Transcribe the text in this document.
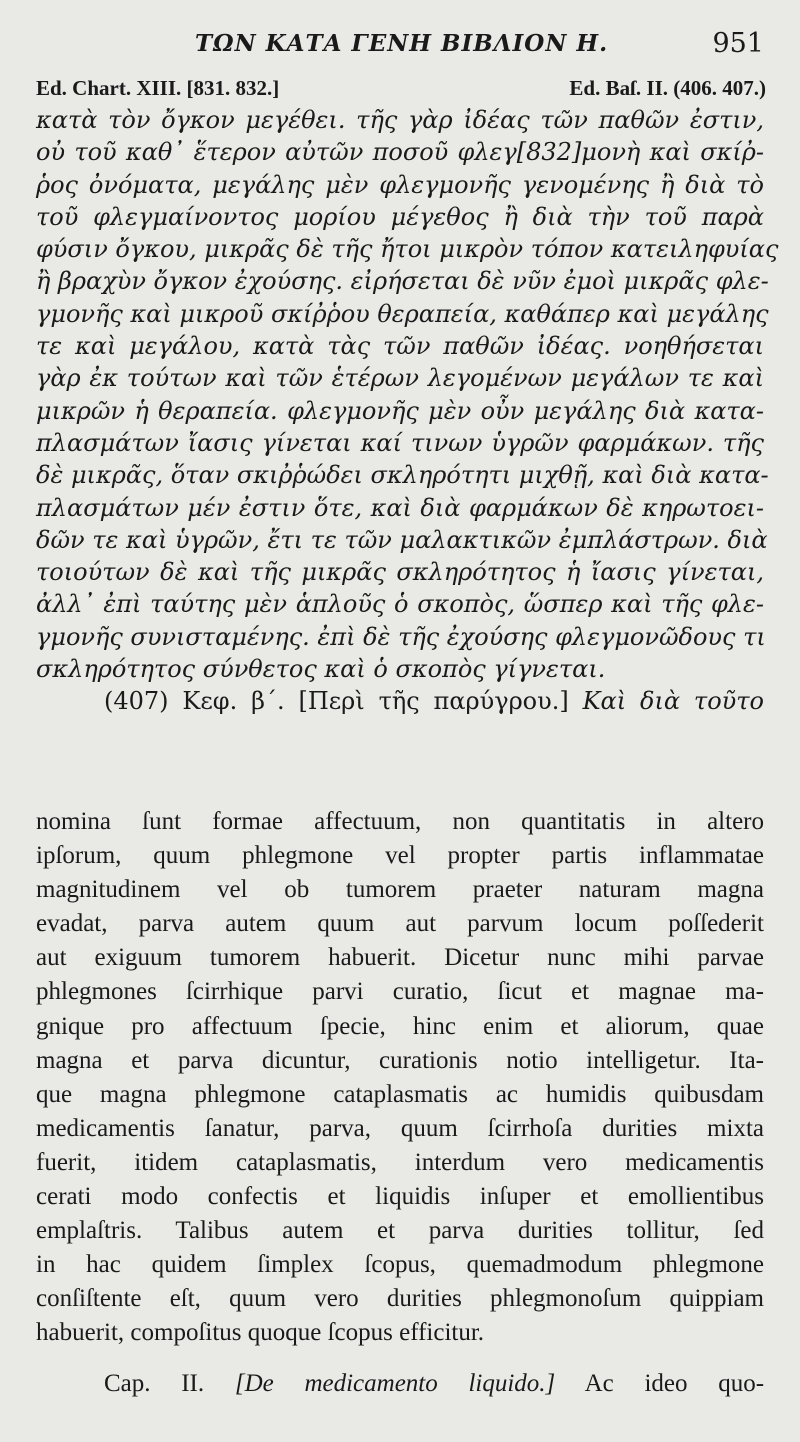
ΤΩΝ ΚΑΤΑ ΓΕΝΗ ΒΙΒΛΙΟΝ Η.	951
Ed. Chart. XIII. [831. 832.]	Ed. Baſ. II. (406. 407.)
κατὰ τὸν ὄγκον μεγέθει. τῆς γὰρ ἰδέας τῶν παθῶν ἐστιν,
οὐ τοῦ καθ᾽ ἕτερον αὐτῶν ποσοῦ φλεγ[832]μονὴ καὶ σκίῤ-
ῥος ὀνόματα, μεγάλης μὲν φλεγμονῆς γενομένης ἢ διὰ τὸ
τοῦ φλεγμαίνοντος μορίου μέγεθος ἢ διὰ τὴν τοῦ παρὰ
φύσιν ὄγκου, μικρᾶς δὲ τῆς ἤτοι μικρὸν τόπον κατειληφυίας
ἢ βραχὺν ὄγκον ἐχούσης. εἰρήσεται δὲ νῦν ἐμοὶ μικρᾶς φλε-
γμονῆς καὶ μικροῦ σκίῤῥου θεραπεία, καθάπερ καὶ μεγάλης
τε καὶ μεγάλου, κατὰ τὰς τῶν παθῶν ἰδέας. νοηθήσεται
γὰρ ἐκ τούτων καὶ τῶν ἑτέρων λεγομένων μεγάλων τε καὶ
μικρῶν ἡ θεραπεία. φλεγμονῆς μὲν οὖν μεγάλης διὰ κατα-
πλασμάτων ἴασις γίνεται καί τινων ὑγρῶν φαρμάκων. τῆς
δὲ μικρᾶς, ὅταν σκιῤῥώδει σκληρότητι μιχθῇ, καὶ διὰ κατα-
πλασμάτων μέν ἐστιν ὅτε, καὶ διὰ φαρμάκων δὲ κηρωτοει-
δῶν τε καὶ ὑγρῶν, ἔτι τε τῶν μαλακτικῶν ἐμπλάστρων. διὰ
τοιούτων δὲ καὶ τῆς μικρᾶς σκληρότητος ἡ ἴασις γίνεται,
ἀλλ᾽ ἐπὶ ταύτης μὲν ἁπλοῦς ὁ σκοπὸς, ὥσπερ καὶ τῆς φλε-
γμονῆς συνισταμένης. ἐπὶ δὲ τῆς ἐχούσης φλεγμονῶδους τι
σκληρότητος σύνθετος καὶ ὁ σκοπὸς γίγνεται.
(407) Κεφ. β΄. [Περὶ τῆς παρύγρου.] Καὶ διὰ τοῦτο
nomina ſunt formae affectuum, non quantitatis in altero
ipſorum, quum phlegmone vel propter partis inflammatae
magnitudinem vel ob tumorem praeter naturam magna
evadat, parva autem quum aut parvum locum poſſederit
aut exiguum tumorem habuerit. Dicetur nunc mihi parvae
phlegmones ſcirrhique parvi curatio, ſicut et magnae ma-
gnique pro affectuum ſpecie, hinc enim et aliorum, quae
magna et parva dicuntur, curationis notio intelligetur. Ita-
que magna phlegmone cataplasmatis ac humidis quibusdam
medicamentis ſanatur, parva, quum ſcirrhoſa durities mixta
fuerit, itidem cataplasmatis, interdum vero medicamentis
cerati modo confectis et liquidis inſuper et emollientibus
emplaſtris. Talibus autem et parva durities tollitur, ſed
in hac quidem ſimplex ſcopus, quemadmodum phlegmone
conſiſtente eſt, quum vero durities phlegmonoſum quippiam
habuerit, compoſitus quoque ſcopus efficitur.
Cap. II. [De medicamento liquido.] Ac ideo quo-
